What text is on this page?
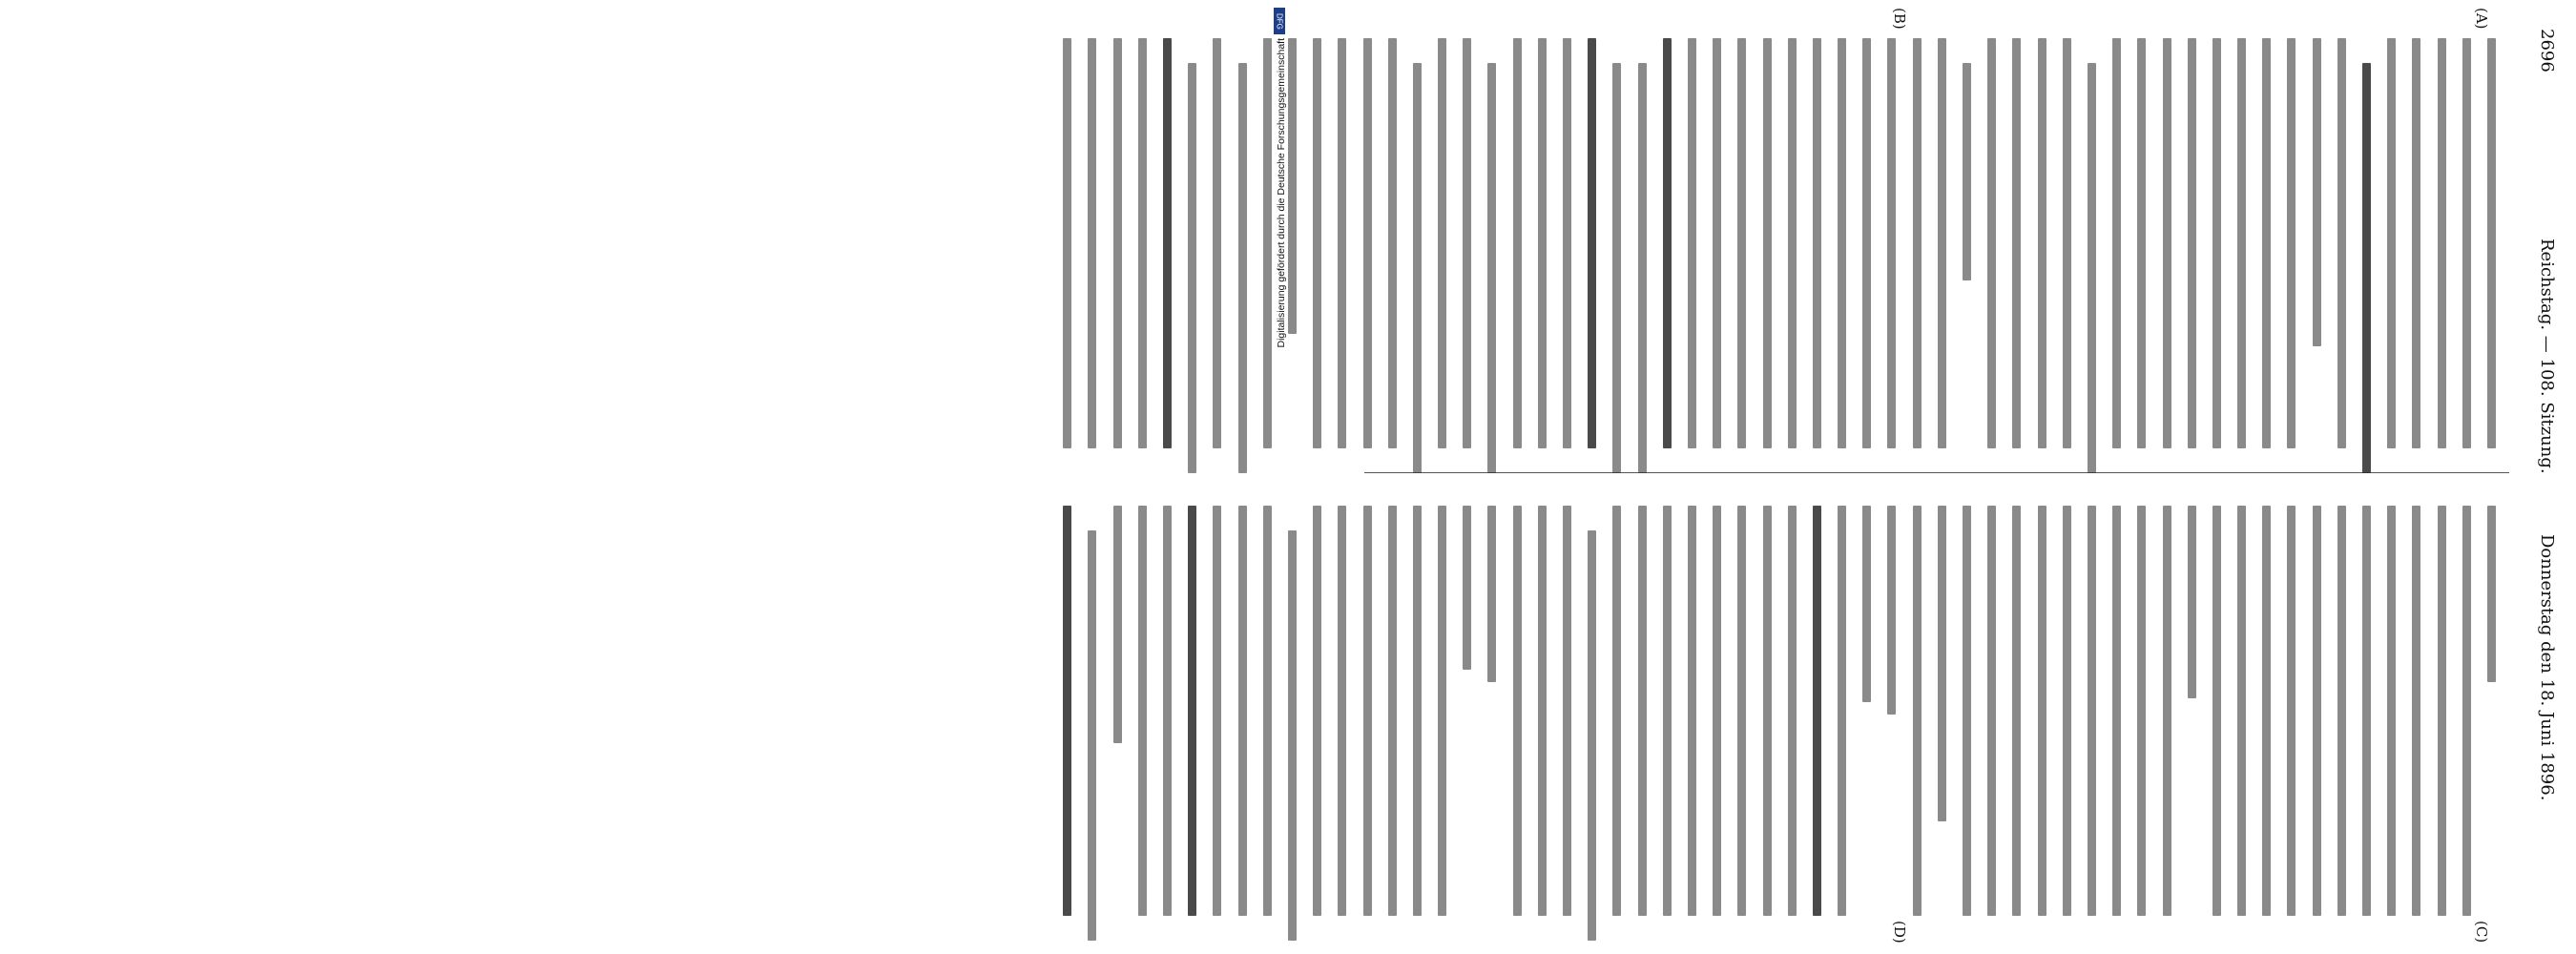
2696
Reichstag. — 108. Sitzung.
Donnerstag den 18. Juni 1896.
(A)
(B)
(C)
(D)
DFG
Digitalisierung gefördert durch die Deutsche Forschungsgemeinschaft
